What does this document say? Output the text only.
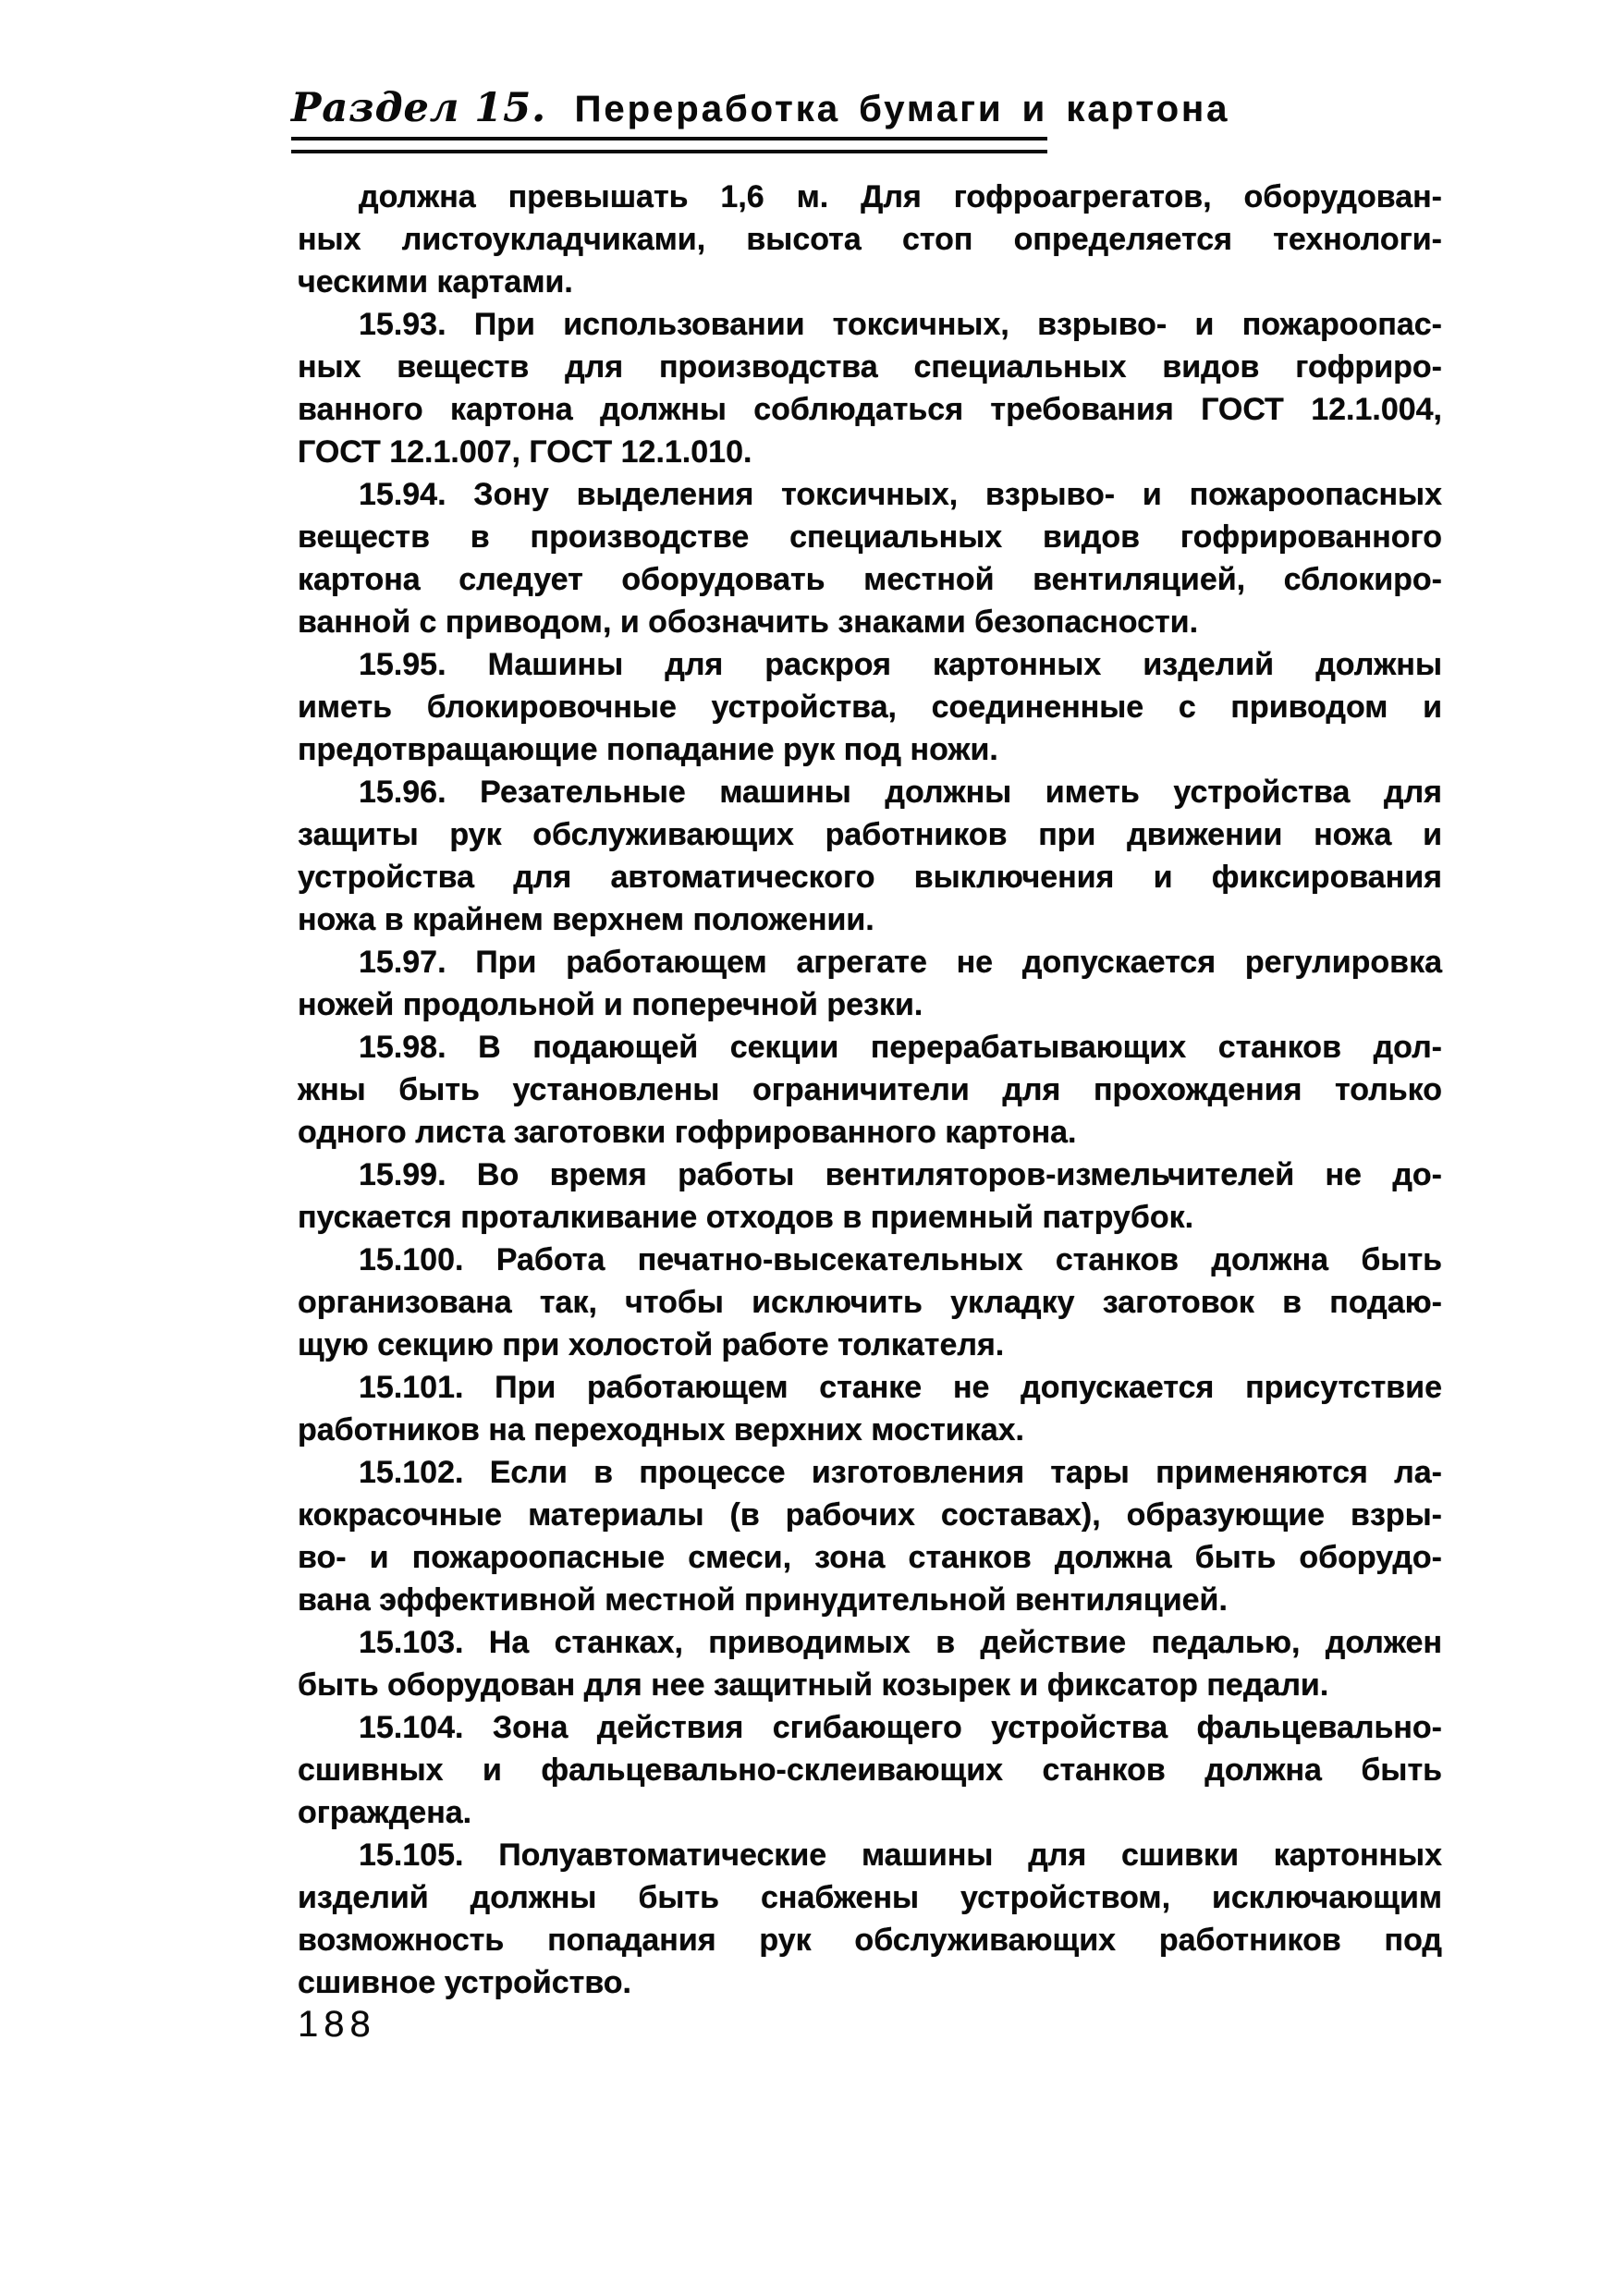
Раздел 15. Переработка бумаги и картона
должна превышать 1,6 м. Для гофроагрегатов, оборудован-
ных листоукладчиками, высота стоп определяется технологи-
ческими картами.
15.93. При использовании токсичных, взрыво- и пожароопас-
ных веществ для производства специальных видов гофриро-
ванного картона должны соблюдаться требования ГОСТ 12.1.004,
ГОСТ 12.1.007, ГОСТ 12.1.010.
15.94. Зону выделения токсичных, взрыво- и пожароопасных
веществ в производстве специальных видов гофрированного
картона следует оборудовать местной вентиляцией, сблокиро-
ванной с приводом, и обозначить знаками безопасности.
15.95. Машины для раскроя картонных изделий должны
иметь блокировочные устройства, соединенные с приводом и
предотвращающие попадание рук под ножи.
15.96. Резательные машины должны иметь устройства для
защиты рук обслуживающих работников при движении ножа и
устройства для автоматического выключения и фиксирования
ножа в крайнем верхнем положении.
15.97. При работающем агрегате не допускается регулировка
ножей продольной и поперечной резки.
15.98. В подающей секции перерабатывающих станков дол-
жны быть установлены ограничители для прохождения только
одного листа заготовки гофрированного картона.
15.99. Во время работы вентиляторов-измельчителей не до-
пускается проталкивание отходов в приемный патрубок.
15.100. Работа печатно-высекательных станков должна быть
организована так, чтобы исключить укладку заготовок в подаю-
щую секцию при холостой работе толкателя.
15.101. При работающем станке не допускается присутствие
работников на переходных верхних мостиках.
15.102. Если в процессе изготовления тары применяются ла-
кокрасочные материалы (в рабочих составах), образующие взры-
во- и пожароопасные смеси, зона станков должна быть оборудо-
вана эффективной местной принудительной вентиляцией.
15.103. На станках, приводимых в действие педалью, должен
быть оборудован для нее защитный козырек и фиксатор педали.
15.104. Зона действия сгибающего устройства фальцевально-
сшивных и фальцевально-склеивающих станков должна быть
ограждена.
15.105. Полуавтоматические машины для сшивки картонных
изделий должны быть снабжены устройством, исключающим
возможность попадания рук обслуживающих работников под
сшивное устройство.
188
